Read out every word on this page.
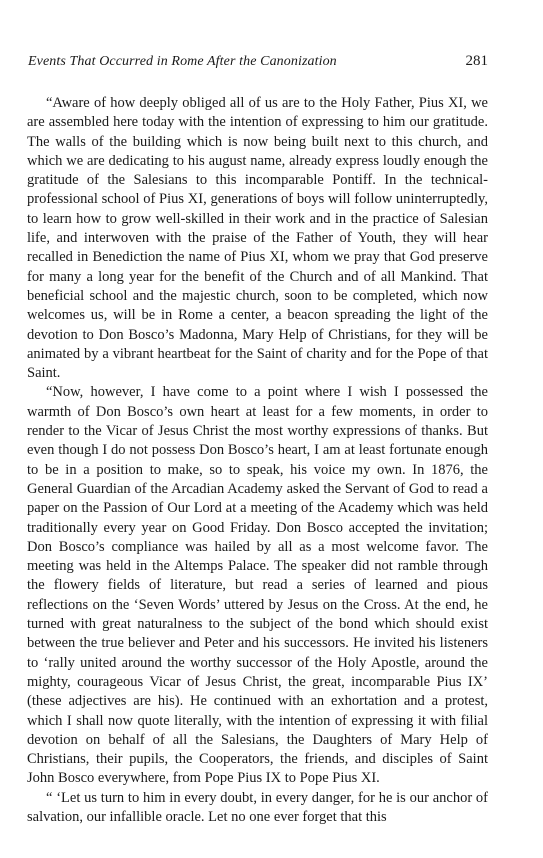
Events That Occurred in Rome After the Canonization	281

“Aware of how deeply obliged all of us are to the Holy Father, Pius XI, we are assembled here today with the intention of expressing to him our gratitude. The walls of the building which is now being built next to this church, and which we are dedicating to his august name, already express loudly enough the gratitude of the Salesians to this incomparable Pontiff. In the technical-professional school of Pius XI, generations of boys will follow uninterruptedly, to learn how to grow well-skilled in their work and in the practice of Salesian life, and interwoven with the praise of the Father of Youth, they will hear recalled in Benediction the name of Pius XI, whom we pray that God preserve for many a long year for the benefit of the Church and of all Mankind. That beneficial school and the majestic church, soon to be completed, which now welcomes us, will be in Rome a center, a beacon spreading the light of the devotion to Don Bosco’s Madonna, Mary Help of Christians, for they will be animated by a vibrant heartbeat for the Saint of charity and for the Pope of that Saint.

“Now, however, I have come to a point where I wish I possessed the warmth of Don Bosco’s own heart at least for a few moments, in order to render to the Vicar of Jesus Christ the most worthy expressions of thanks. But even though I do not possess Don Bosco’s heart, I am at least fortunate enough to be in a position to make, so to speak, his voice my own. In 1876, the General Guardian of the Arcadian Academy asked the Servant of God to read a paper on the Passion of Our Lord at a meeting of the Academy which was held traditionally every year on Good Friday. Don Bosco accepted the invitation; Don Bosco’s compliance was hailed by all as a most welcome favor. The meeting was held in the Altemps Palace. The speaker did not ramble through the flowery fields of literature, but read a series of learned and pious reflections on the ‘Seven Words’ uttered by Jesus on the Cross. At the end, he turned with great naturalness to the subject of the bond which should exist between the true believer and Peter and his successors. He invited his listeners to ‘rally united around the worthy successor of the Holy Apostle, around the mighty, courageous Vicar of Jesus Christ, the great, incomparable Pius IX’ (these adjectives are his). He continued with an exhortation and a protest, which I shall now quote literally, with the intention of expressing it with filial devotion on behalf of all the Salesians, the Daughters of Mary Help of Christians, their pupils, the Cooperators, the friends, and disciples of Saint John Bosco everywhere, from Pope Pius IX to Pope Pius XI.

“ ‘Let us turn to him in every doubt, in every danger, for he is our anchor of salvation, our infallible oracle. Let no one ever forget that this
